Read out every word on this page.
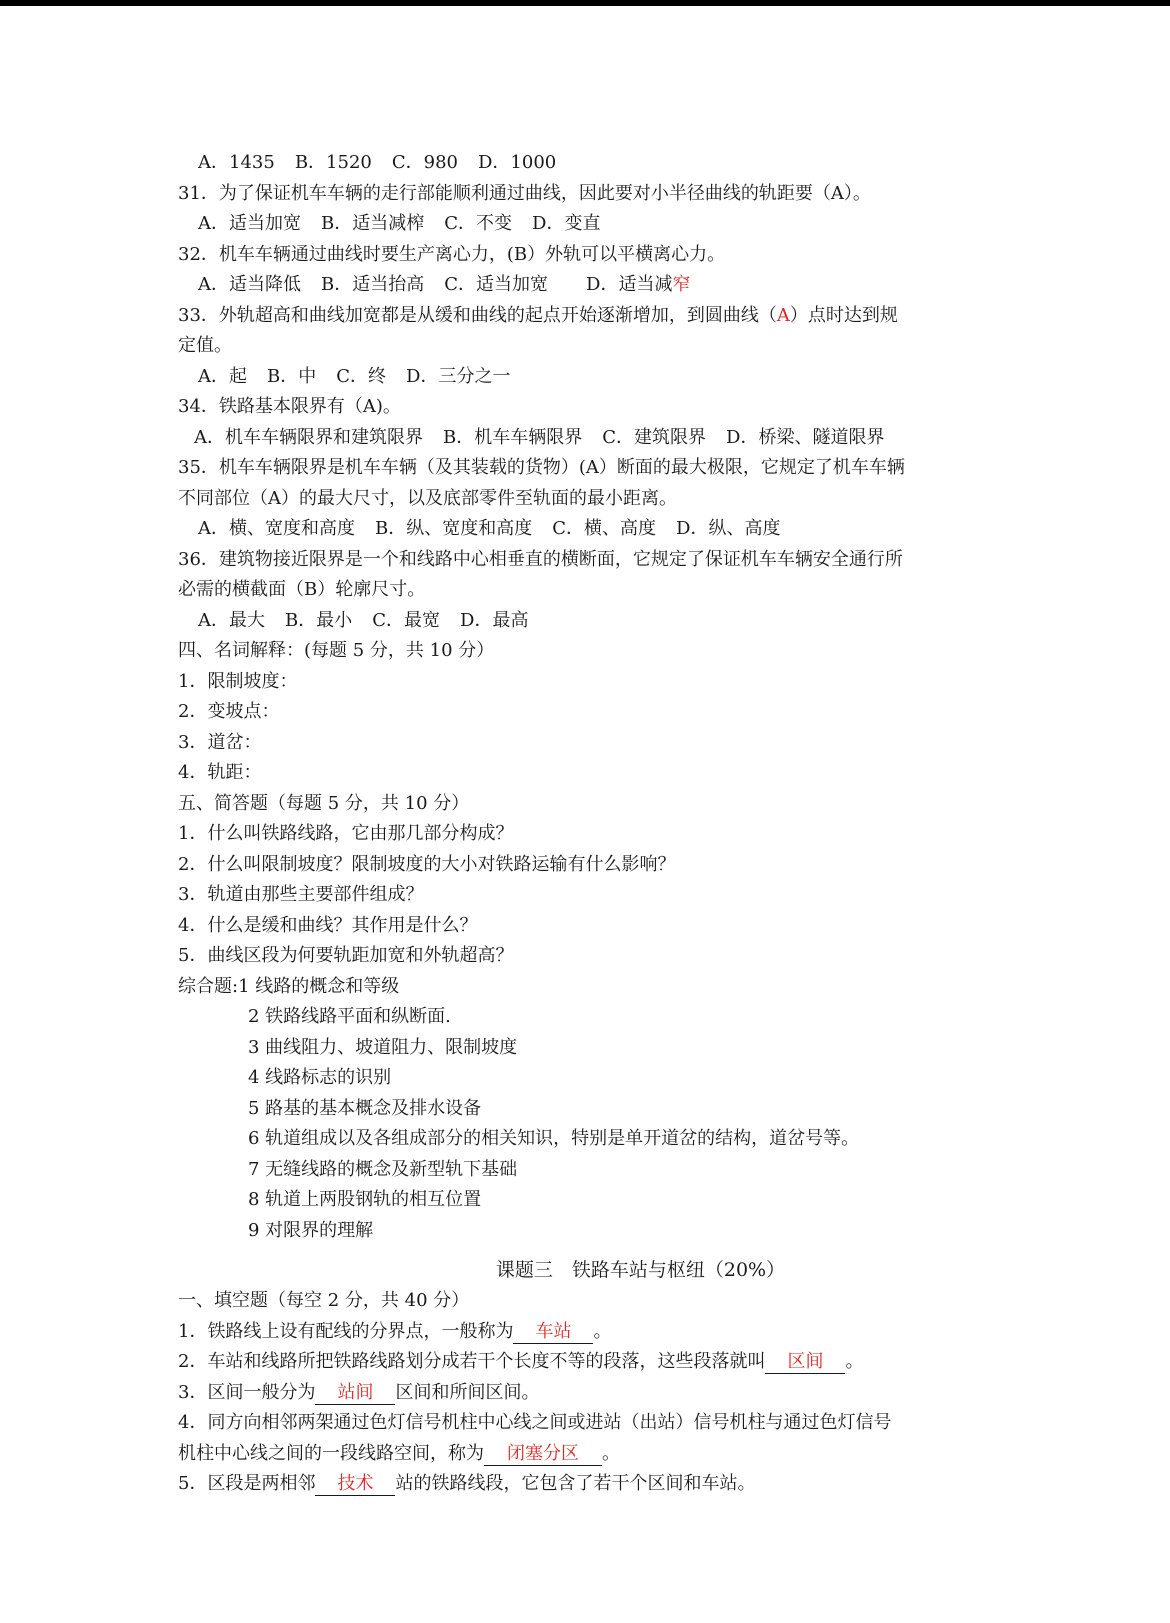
A．1435 B．1520 C．980 D．1000
31．为了保证机车车辆的走行部能顺利通过曲线，因此要对小半径曲线的轨距要（A）。
A．适当加宽 B．适当减榨 C．不变 D．变直
32．机车车辆通过曲线时要生产离心力，(B）外轨可以平横离心力。
A．适当降低 B．适当抬高 C．适当加宽 D．适当减窄
33．外轨超高和曲线加宽都是从缓和曲线的起点开始逐渐增加，到圆曲线（A）点时达到规
定值。
A．起 B．中 C．终 D．三分之一
34．铁路基本限界有（A)。
A．机车车辆限界和建筑限界 B．机车车辆限界 C．建筑限界 D．桥梁、隧道限界
35．机车车辆限界是机车车辆（及其装载的货物）(A）断面的最大极限，它规定了机车车辆
不同部位（A）的最大尺寸，以及底部零件至轨面的最小距离。
A．横、宽度和高度 B．纵、宽度和高度 C．横、高度 D．纵、高度
36．建筑物接近限界是一个和线路中心相垂直的横断面，它规定了保证机车车辆安全通行所
必需的横截面（B）轮廓尺寸。
A．最大 B．最小 C．最宽 D．最高
四、名词解释：(每题 5 分，共 10 分）
1．限制坡度：
2．变坡点：
3．道岔：
4．轨距：
五、简答题（每题 5 分，共 10 分）
1．什么叫铁路线路，它由那几部分构成？
2．什么叫限制坡度？限制坡度的大小对铁路运输有什么影响？
3．轨道由那些主要部件组成？
4．什么是缓和曲线？其作用是什么？
5．曲线区段为何要轨距加宽和外轨超高？
综合题:1 线路的概念和等级
2 铁路线路平面和纵断面.
3 曲线阻力、坡道阻力、限制坡度
4 线路标志的识别
5 路基的基本概念及排水设备
6 轨道组成以及各组成部分的相关知识，特别是单开道岔的结构，道岔号等。
7 无缝线路的概念及新型轨下基础
8 轨道上两股钢轨的相互位置
9 对限界的理解
课题三　铁路车站与枢纽（20%）
一、填空题（每空 2 分，共 40 分）
1．铁路线上设有配线的分界点，一般称为 车站 。
2．车站和线路所把铁路线路划分成若干个长度不等的段落，这些段落就叫 区间 。
3．区间一般分为 站间 区间和所间区间。
4．同方向相邻两架通过色灯信号机柱中心线之间或进站（出站）信号机柱与通过色灯信号
机柱中心线之间的一段线路空间，称为 闭塞分区 。
5．区段是两相邻 技术 站的铁路线段，它包含了若干个区间和车站。
